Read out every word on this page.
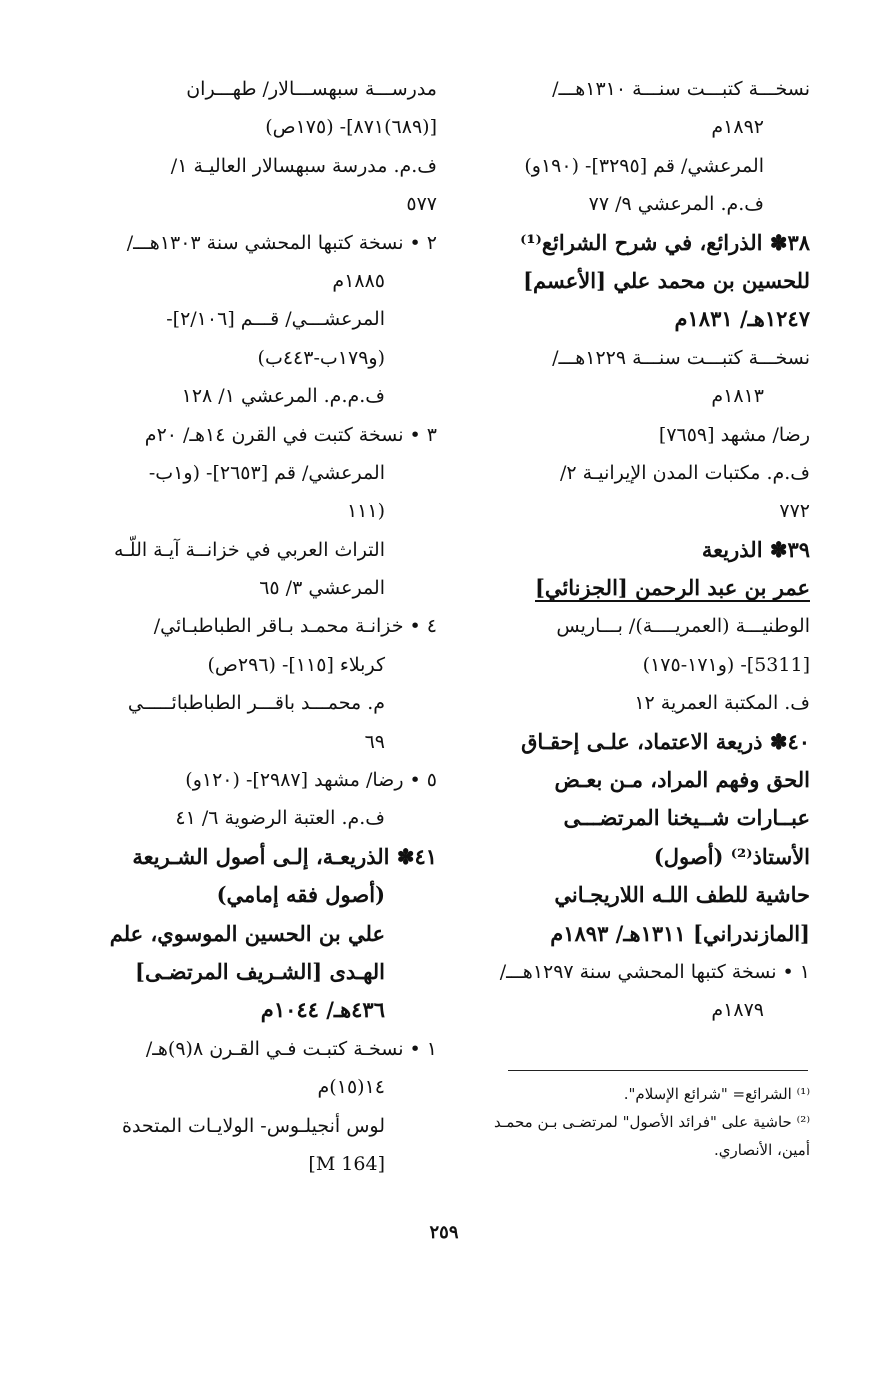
نسخـــة كتبـــت سنـــة ١٣١٠هـــ/
١٨٩٢م
المرعشي/ قم [٣٢٩٥]- (١٩٠و)
ف.م. المرعشي ٩/ ٧٧
٣٨✽ الذرائع، في شرح الشرائع⁽¹⁾
للحسين بن محمد علي [الأعسم]
١٢٤٧هـ/ ١٨٣١م
نسخـــة كتبـــت سنـــة ١٢٢٩هـــ/
١٨١٣م
رضا/ مشهد [٧٦٥٩]
ف.م. مكتبات المدن الإيرانيـة ٢/
٧٧٢
٣٩✽ الذريعة
عمر بن عبد الرحمن [الجزنائي]
الوطنيـــة (العمريــــة)/ بـــاريس
[5311]- (و١٧١-١٧٥)
ف. المكتبة العمرية ١٢
٤٠✽ ذريعة الاعتماد، علـى إحقـاق
الحق وفهم المراد، مـن بعـض
عبــارات شــيخنا المرتضـــى
الأستاذ⁽²⁾ (أصول)
حاشية للطف اللـه اللاريجـاني
[المازندراني] ١٣١١هـ/ ١٨٩٣م
١ • نسخة كتبها المحشي سنة ١٢٩٧هـــ/
١٨٧٩م
مدرســـة سبهســـالار/ طهـــران
[(٦٨٩)٨٧١]- (١٧٥ص)
ف.م. مدرسة سبهسالار العاليـة ١/
٥٧٧
٢ • نسخة كتبها المحشي سنة ١٣٠٣هـــ/
١٨٨٥م
المرعشـــي/ قـــم [٢/١٠٦]-
(و١٧٩ب-٤٤٣ب)
ف.م.م. المرعشي ١/ ١٢٨
٣ • نسخة كتبت في القرن ١٤هـ/ ٢٠م
المرعشي/ قم [٢٦٥٣]- (و١ب-
(١١١
التراث العربي في خزانــة آيـة اللّـه
المرعشي ٣/ ٦٥
٤ • خزانـة محمـد بـاقر الطباطبـائي/
كربلاء [١١٥]- (٢٩٦ص)
م. محمـــد باقـــر الطباطبائـــــي
٦٩
٥ • رضا/ مشهد [٢٩٨٧]- (١٢٠و)
ف.م. العتبة الرضوية ٦/ ٤١
٤١✽ الذريعـة، إلـى أصول الشـريعة
(أصول فقه إمامي)
علي بن الحسين الموسوي، علم
الهـدى [الشـريف المرتضـى]
٤٣٦هـ/ ١٠٤٤م
١ • نسخـة كتبـت فـي القـرن ٨(٩)هـ/
١٤(١٥)م
لوس أنجيلـوس- الولايـات المتحدة
[M 164]
⁽¹⁾ الشرائع= "شرائع الإسلام".
⁽²⁾ حاشية على "فرائد الأصول" لمرتضـى بـن محمـد
أمين، الأنصاري.
٢٥٩
